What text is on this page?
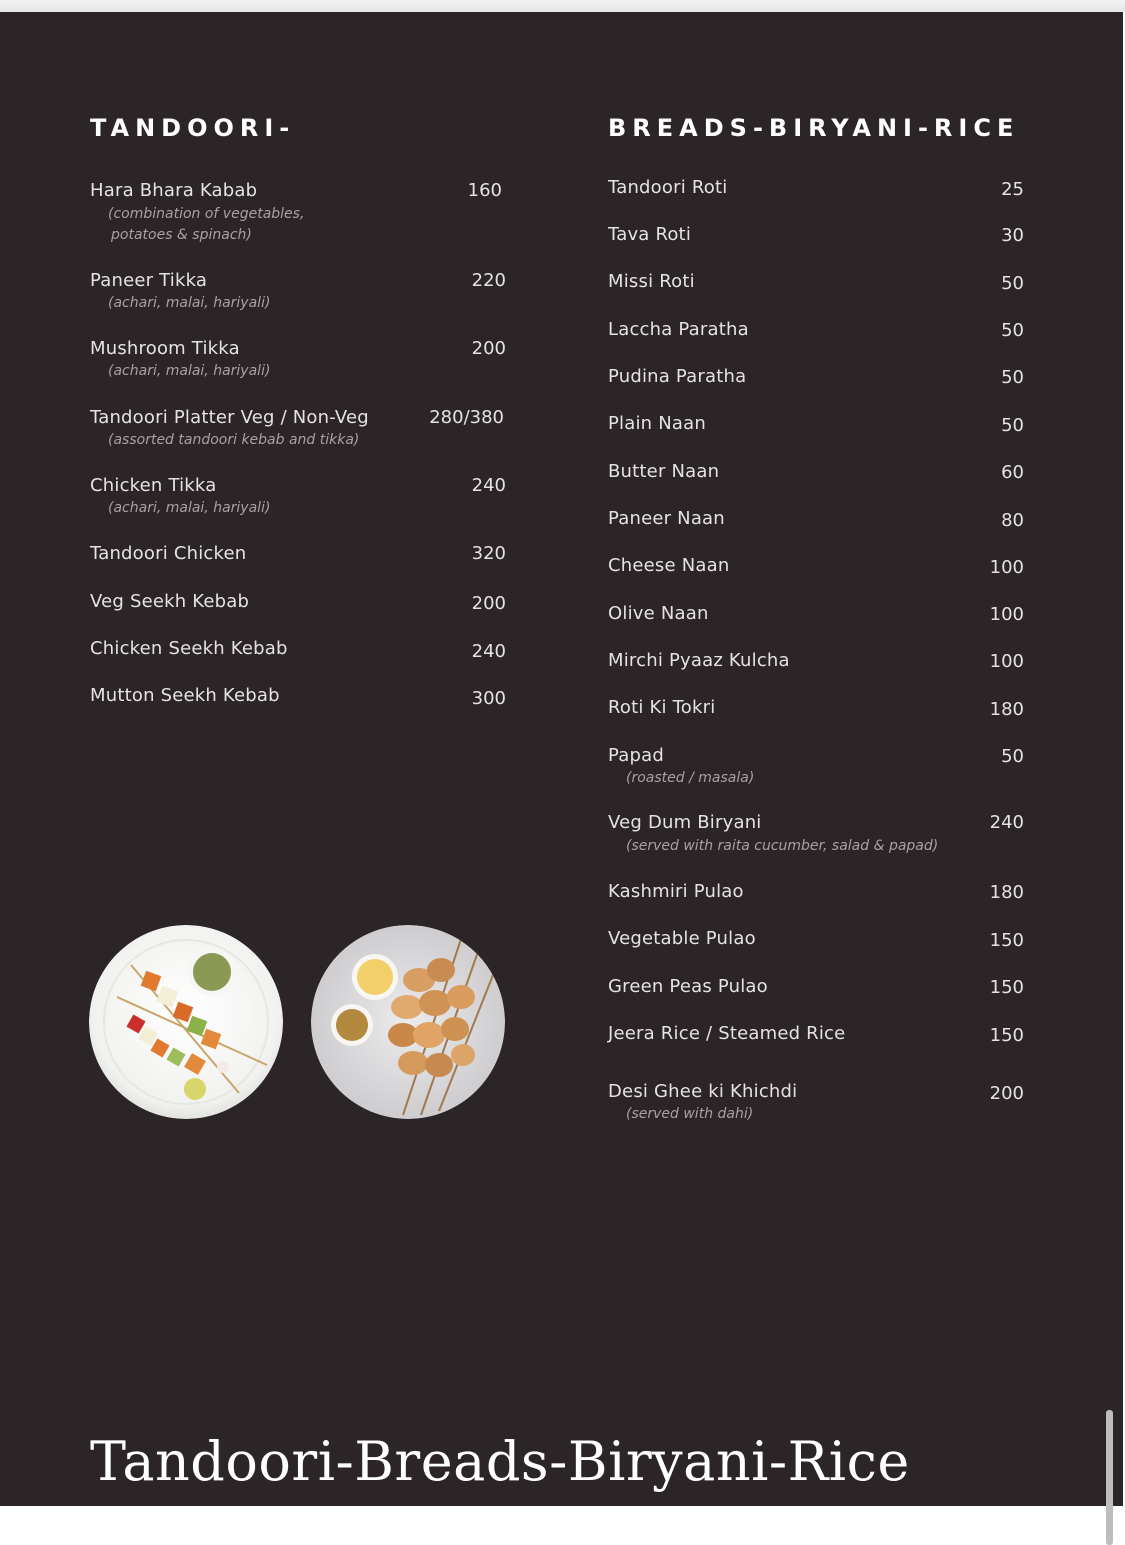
TANDOORI-
Hara Bhara Kabab	160
(combination of vegetables,
potatoes & spinach)
Paneer Tikka	220
(achari, malai, hariyali)
Mushroom Tikka	200
(achari, malai, hariyali)
Tandoori Platter Veg / Non-Veg	280/380
(assorted tandoori kebab and tikka)
Chicken Tikka	240
(achari, malai, hariyali)
Tandoori Chicken	320
Veg Seekh Kebab	200
Chicken Seekh Kebab	240
Mutton Seekh Kebab	300
BREADS-BIRYANI-RICE
Tandoori Roti	25
Tava Roti	30
Missi Roti	50
Laccha Paratha	50
Pudina Paratha	50
Plain Naan	50
Butter Naan	60
Paneer Naan	80
Cheese Naan	100
Olive Naan	100
Mirchi Pyaaz Kulcha	100
Roti Ki Tokri	180
Papad	50
(roasted / masala)
Veg Dum Biryani	240
(served with raita cucumber, salad & papad)
Kashmiri Pulao	180
Vegetable Pulao	150
Green Peas Pulao	150
Jeera Rice / Steamed Rice	150
Desi Ghee ki Khichdi	200
(served with dahi)
Tandoori-Breads-Biryani-Rice
